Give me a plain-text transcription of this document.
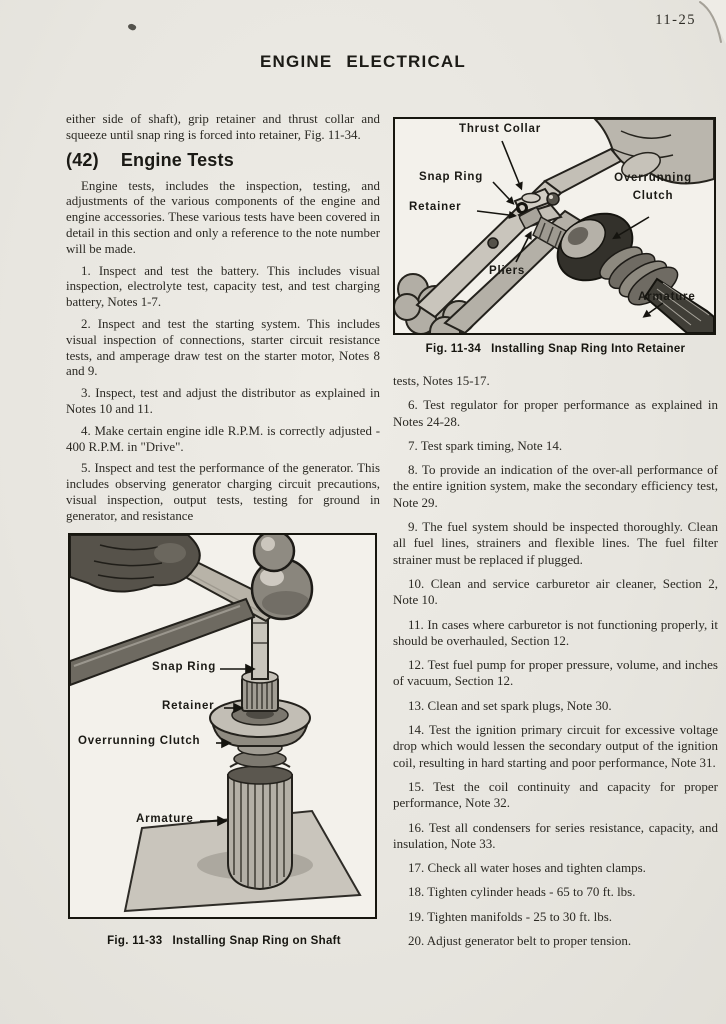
11-25
ENGINE ELECTRICAL

either side of shaft), grip retainer and thrust collar and squeeze until snap ring is forced into retainer, Fig. 11-34.

(42) Engine Tests

Engine tests, includes the inspection, testing, and adjustments of the various components of the engine and engine accessories. These various tests have been covered in detail in this section and only a reference to the note number will be made.

1. Inspect and test the battery. This includes visual inspection, electrolyte test, capacity test, and test charging battery, Notes 1-7.

2. Inspect and test the starting system. This includes visual inspection of connections, starter circuit resistance tests, and amperage draw test on the starter motor, Notes 8 and 9.

3. Inspect, test and adjust the distributor as explained in Notes 10 and 11.

4. Make certain engine idle R.P.M. is correctly adjusted - 400 R.P.M. in "Drive".

5. Inspect and test the performance of the generator. This includes observing generator charging circuit precautions, visual inspection, output tests, testing for ground in generator, and resistance

Snap Ring
Retainer
Overrunning Clutch
Armature
Fig. 11-33 Installing Snap Ring on Shaft
Thrust Collar
Snap Ring
Retainer
Overrunning Clutch
Pliers
Armature
Fig. 11-34 Installing Snap Ring Into Retainer

tests, Notes 15-17.

6. Test regulator for proper performance as explained in Notes 24-28.

7. Test spark timing, Note 14.

8. To provide an indication of the over-all performance of the entire ignition system, make the secondary efficiency test, Note 29.

9. The fuel system should be inspected thoroughly. Clean all fuel lines, strainers and flexible lines. The fuel filter strainer must be replaced if plugged.

10. Clean and service carburetor air cleaner, Section 2, Note 10.

11. In cases where carburetor is not functioning properly, it should be overhauled, Section 12.

12. Test fuel pump for proper pressure, volume, and inches of vacuum, Section 12.

13. Clean and set spark plugs, Note 30.

14. Test the ignition primary circuit for excessive voltage drop which would lessen the secondary output of the ignition coil, resulting in hard starting and poor performance, Note 31.

15. Test the coil continuity and capacity for proper performance, Note 32.

16. Test all condensers for series resistance, capacity, and insulation, Note 33.

17. Check all water hoses and tighten clamps.

18. Tighten cylinder heads - 65 to 70 ft. lbs.

19. Tighten manifolds - 25 to 30 ft. lbs.

20. Adjust generator belt to proper tension.
